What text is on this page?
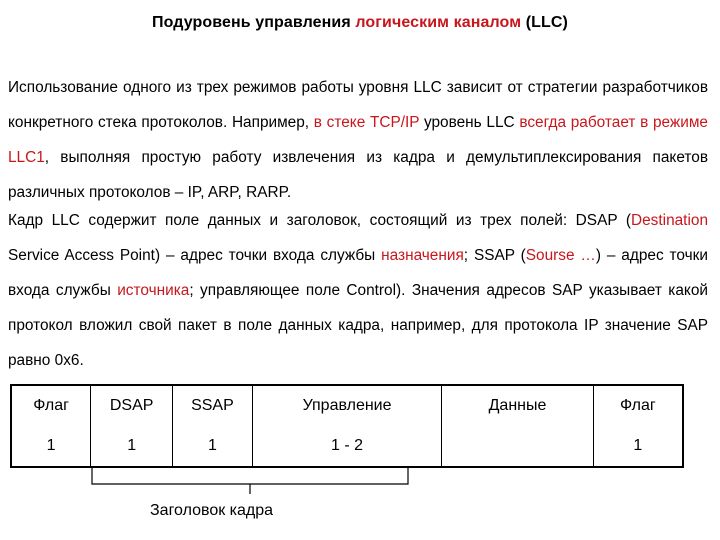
Подуровень управления логическим каналом (LLC)

Использование одного из трех режимов работы уровня LLC зависит от стратегии разработчиков конкретного стека протоколов. Например, в стеке TCP/IP уровень LLC всегда работает в режиме LLC1, выполняя простую работу извлечения из кадра и демультиплексирования пакетов различных протоколов – IP, ARP, RARP.

Кадр LLC содержит поле данных и заголовок, состоящий из трех полей: DSAP (Destination Service Access Point) – адрес точки входа службы назначения; SSAP (Sourse …) – адрес точки входа службы источника; управляющее поле Control). Значения адресов SAP указывает какой протокол вложил свой пакет в поле данных кадра, например, для протокола IP значение SAP равно 0x6.

Флаг	DSAP	SSAP	Управление	Данные	Флаг
1	1	1	1 - 2		1
Заголовок кадра
